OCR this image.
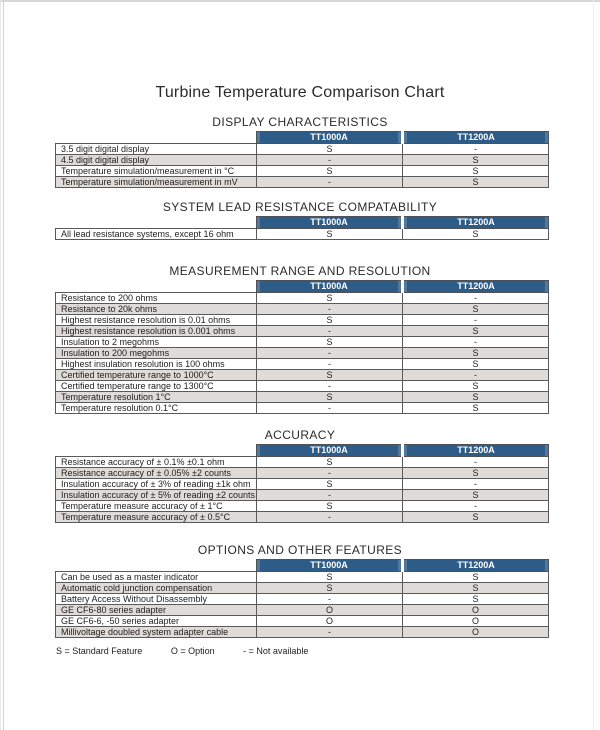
Turbine Temperature Comparison Chart
DISPLAY CHARACTERISTICS
	TT1000A	TT1200A
3.5 digit digital display	S	-
4.5 digit digital display	-	S
Temperature simulation/measurement in °C	S	S
Temperature simulation/measurement in mV	-	S
SYSTEM LEAD RESISTANCE COMPATABILITY
	TT1000A	TT1200A
All lead resistance systems, except 16 ohm	S	S
MEASUREMENT RANGE AND RESOLUTION
	TT1000A	TT1200A
Resistance to 200 ohms	S	-
Resistance to 20k ohms	-	S
Highest resistance resolution is 0.01 ohms	S	-
Highest resistance resolution is 0.001 ohms	-	S
Insulation to 2 megohms	S	-
Insulation to 200 megohms	-	S
Highest insulation resolution is 100 ohms	-	S
Certified temperature range to 1000°C	S	-
Certified temperature range to 1300°C	-	S
Temperature resolution 1°C	S	S
Temperature resolution 0.1°C	-	S
ACCURACY
	TT1000A	TT1200A
Resistance accuracy of ± 0.1% ±0.1 ohm	S	-
Resistance accuracy of ± 0.05% ±2 counts	-	S
Insulation accuracy of ± 3% of reading ±1k ohm	S	-
Insulation accuracy of ± 5% of reading ±2 counts	-	S
Temperature measure accuracy of ± 1°C	S	-
Temperature measure accuracy of ± 0.5°C	-	S
OPTIONS AND OTHER FEATURES
	TT1000A	TT1200A
Can be used as a master indicator	S	S
Automatic cold junction compensation	S	S
Battery Access Without Disassembly	-	S
GE CF6-80 series adapter	O	O
GE CF6-6, -50 series adapter	O	O
Millivoltage doubled system adapter cable	-	O
S = Standard Feature	O = Option	- = Not available
